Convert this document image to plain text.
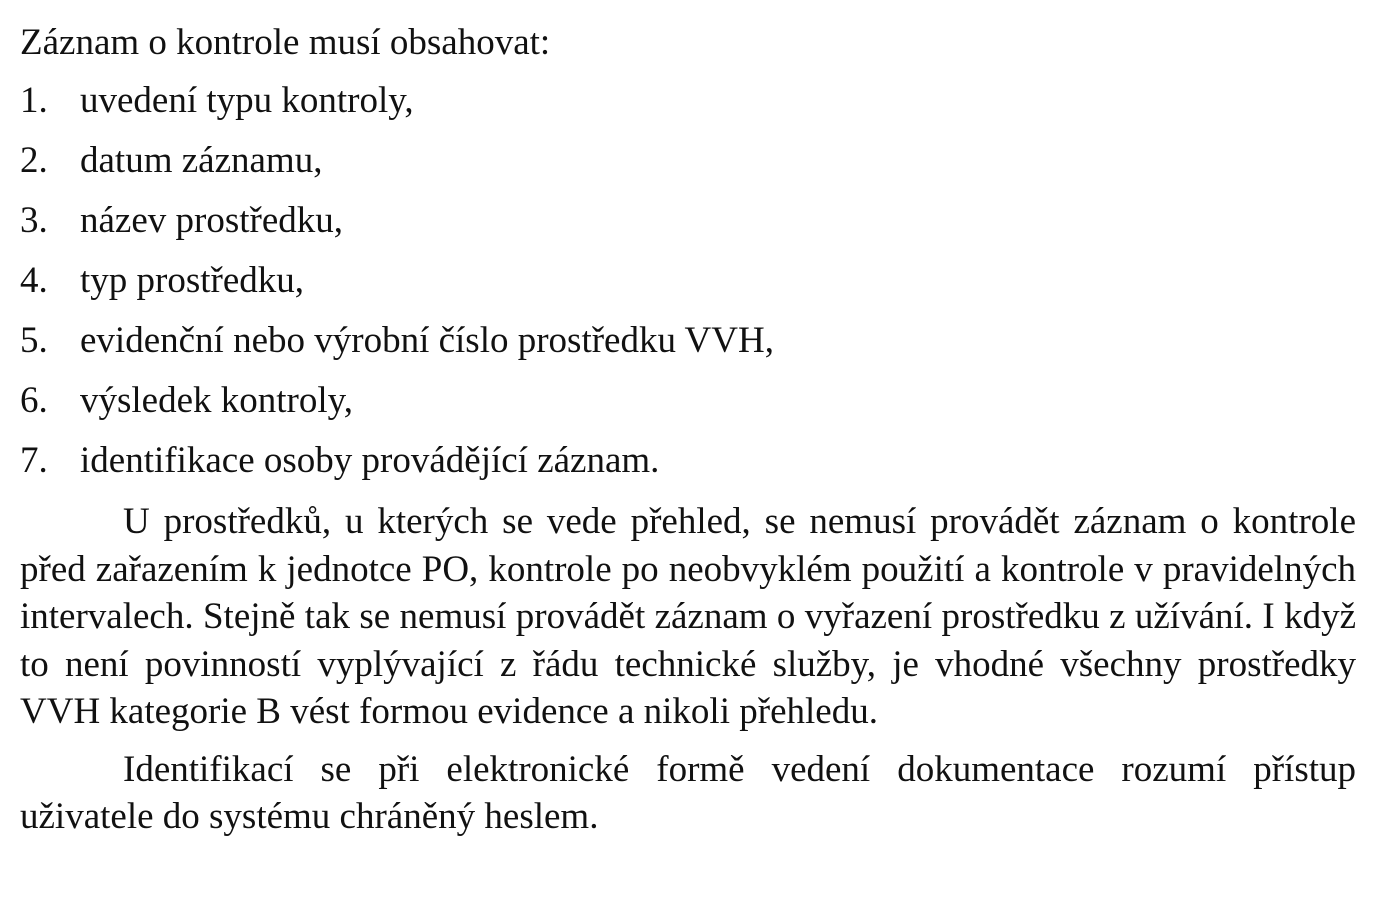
Záznam o kontrole musí obsahovat:

1. uvedení typu kontroly,
2. datum záznamu,
3. název prostředku,
4. typ prostředku,
5. evidenční nebo výrobní číslo prostředku VVH,
6. výsledek kontroly,
7. identifikace osoby provádějící záznam.

U prostředků, u kterých se vede přehled, se nemusí provádět záznam o kontrole před zařazením k jednotce PO, kontrole po neobvyklém použití a kontrole v pravidelných intervalech. Stejně tak se nemusí provádět záznam o vyřazení prostředku z užívání. I když to není povinností vyplývající z řádu technické služby, je vhodné všechny prostředky VVH kategorie B vést formou evidence a nikoli přehledu.

Identifikací se při elektronické formě vedení dokumentace rozumí přístup uživatele do systému chráněný heslem.
